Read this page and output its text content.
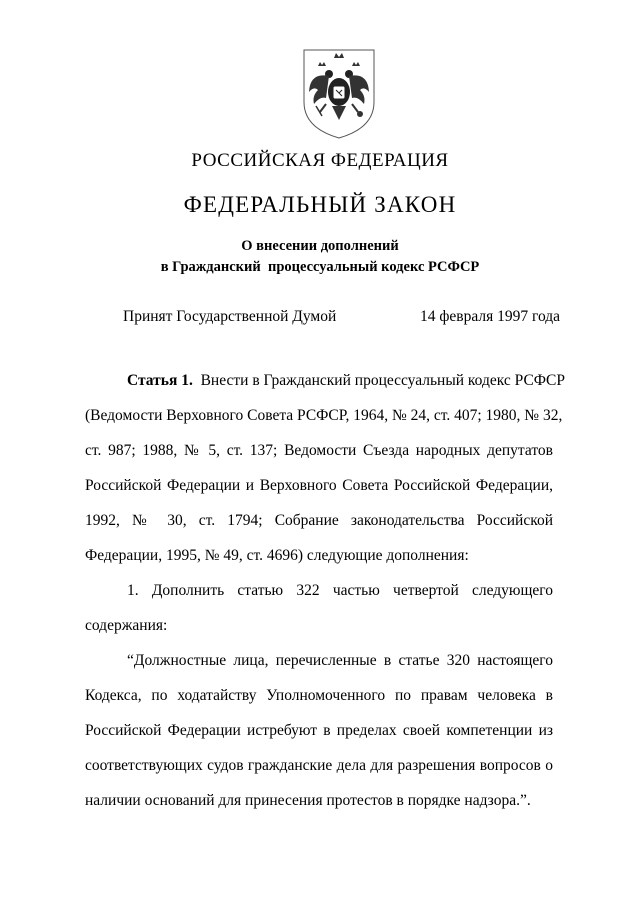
РОССИЙСКАЯ ФЕДЕРАЦИЯ
ФЕДЕРАЛЬНЫЙ ЗАКОН
О внесении дополнений
в Гражданский  процессуальный кодекс РСФСР
Принят Государственной Думой	14 февраля 1997 года
Статья 1. Внести в Гражданский процессуальный кодекс РСФСР
(Ведомости Верховного Совета РСФСР, 1964, № 24, ст. 407; 1980, № 32,
ст. 987; 1988, № 5, ст. 137; Ведомости Съезда народных депутатов
Российской Федерации и Верховного Совета Российской Федерации,
1992, № 30, ст. 1794; Собрание законодательства Российской
Федерации, 1995, № 49, ст. 4696) следующие дополнения:
1. Дополнить статью 322 частью четвертой следующего
содержания:
“Должностные лица, перечисленные в статье 320 настоящего
Кодекса, по ходатайству Уполномоченного по правам человека в
Российской Федерации истребуют в пределах своей компетенции из
соответствующих судов гражданские дела для разрешения вопросов о
наличии оснований для принесения протестов в порядке надзора.”.
